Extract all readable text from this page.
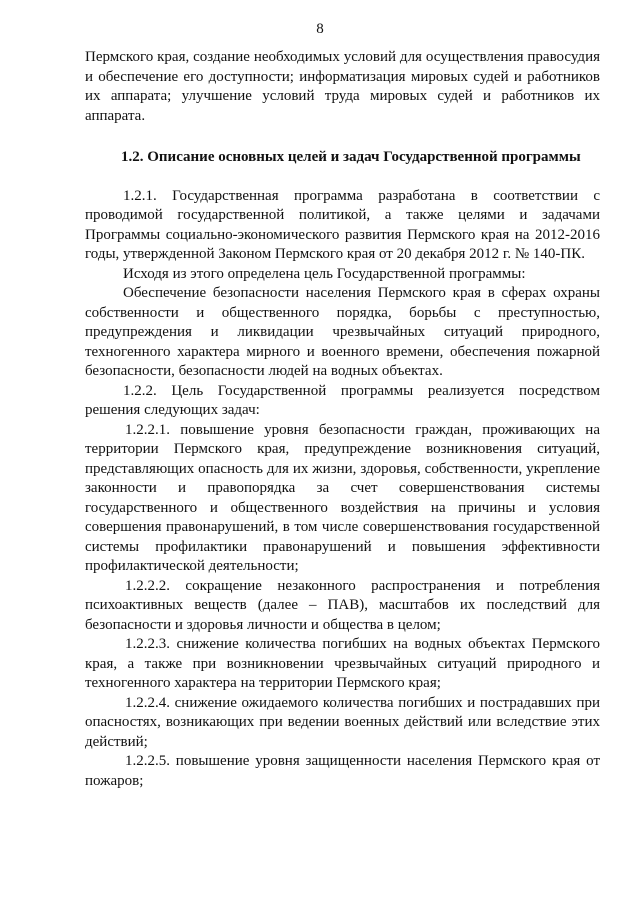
8

Пермского края, создание необходимых условий для осуществления правосудия и обеспечение его доступности; информатизация мировых судей и работников их аппарата; улучшение условий труда мировых судей и работников их аппарата.

1.2. Описание основных целей и задач Государственной программы

1.2.1. Государственная программа разработана в соответствии с проводимой государственной политикой, а также целями и задачами Программы социально-экономического развития Пермского края на 2012-2016 годы, утвержденной Законом Пермского края от 20 декабря 2012 г. № 140-ПК.

Исходя из этого определена цель Государственной программы:

Обеспечение безопасности населения Пермского края в сферах охраны собственности и общественного порядка, борьбы с преступностью, предупреждения и ликвидации чрезвычайных ситуаций природного, техногенного характера мирного и военного времени, обеспечения пожарной безопасности, безопасности людей на водных объектах.

1.2.2. Цель Государственной программы реализуется посредством решения следующих задач:

1.2.2.1. повышение уровня безопасности граждан, проживающих на территории Пермского края, предупреждение возникновения ситуаций, представляющих опасность для их жизни, здоровья, собственности, укрепление законности и правопорядка за счет совершенствования системы государственного и общественного воздействия на причины и условия совершения правонарушений, в том числе совершенствования государственной системы профилактики правонарушений и повышения эффективности профилактической деятельности;

1.2.2.2. сокращение незаконного распространения и потребления психоактивных веществ (далее – ПАВ), масштабов их последствий для безопасности и здоровья личности и общества в целом;

1.2.2.3. снижение количества погибших на водных объектах Пермского края, а также при возникновении чрезвычайных ситуаций природного и техногенного характера на территории Пермского края;

1.2.2.4. снижение ожидаемого количества погибших и пострадавших при опасностях, возникающих при ведении военных действий или вследствие этих действий;

1.2.2.5. повышение уровня защищенности населения Пермского края от пожаров;
